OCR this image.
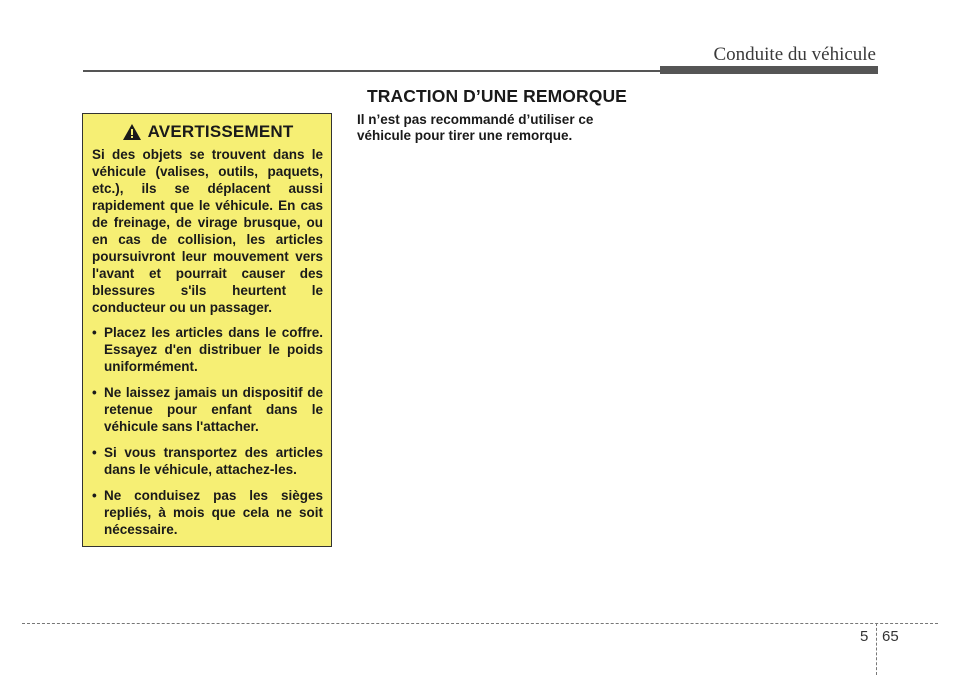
Conduite du véhicule
TRACTION D’UNE REMORQUE
AVERTISSEMENT

Si des objets se trouvent dans le véhicule (valises, outils, paquets, etc.), ils se déplacent aussi rapidement que le véhicule. En cas de freinage, de virage brusque, ou en cas de collision, les articles poursuivront leur mouvement vers l'avant et pourrait causer des blessures s'ils heurtent le conducteur ou un passager.

• Placez les articles dans le coffre. Essayez d'en distribuer le poids uniformément.
• Ne laissez jamais un dispositif de retenue pour enfant dans le véhicule sans l'attacher.
• Si vous transportez des articles dans le véhicule, attachez-les.
• Ne conduisez pas les sièges repliés, à mois que cela ne soit nécessaire.

Il n’est pas recommandé d’utiliser ce véhicule pour tirer une remorque.

5 65
